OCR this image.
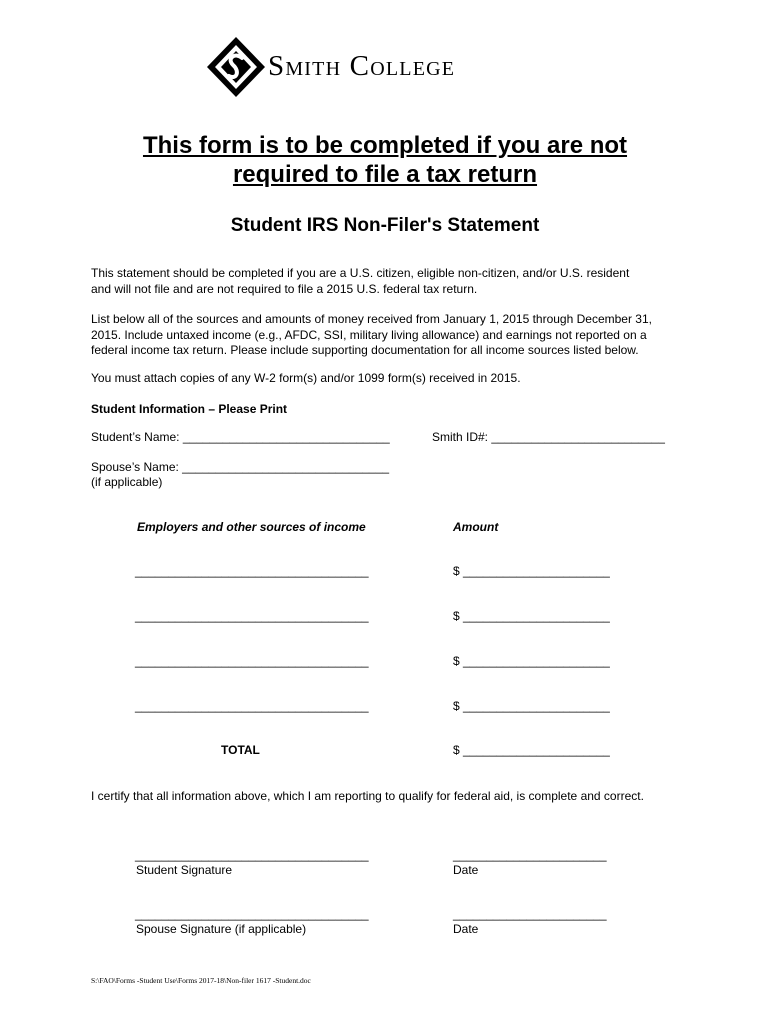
Smith College
This form is to be completed if you are not
required to file a tax return
Student IRS Non-Filer's Statement
This statement should be completed if you are a U.S. citizen, eligible non-citizen, and/or U.S. resident
and will not file and are not required to file a 2015 U.S. federal tax return.
List below all of the sources and amounts of money received from January 1, 2015 through December 31,
2015. Include untaxed income (e.g., AFDC, SSI, military living allowance) and earnings not reported on a
federal income tax return. Please include supporting documentation for all income sources listed below.
You must attach copies of any W-2 form(s) and/or 1099 form(s) received in 2015.
Student Information – Please Print
Student’s Name: _______________________________	Smith ID#: __________________________
Spouse’s Name: _______________________________
(if applicable)
Employers and other sources of income	Amount
___________________________________	$ ______________________
___________________________________	$ ______________________
___________________________________	$ ______________________
___________________________________	$ ______________________
TOTAL	$ ______________________
I certify that all information above, which I am reporting to qualify for federal aid, is complete and correct.
___________________________________	_______________________
Student Signature	Date
___________________________________	_______________________
Spouse Signature (if applicable)	Date
S:\FAO\Forms -Student Use\Forms 2017-18\Non-filer 1617 -Student.doc
